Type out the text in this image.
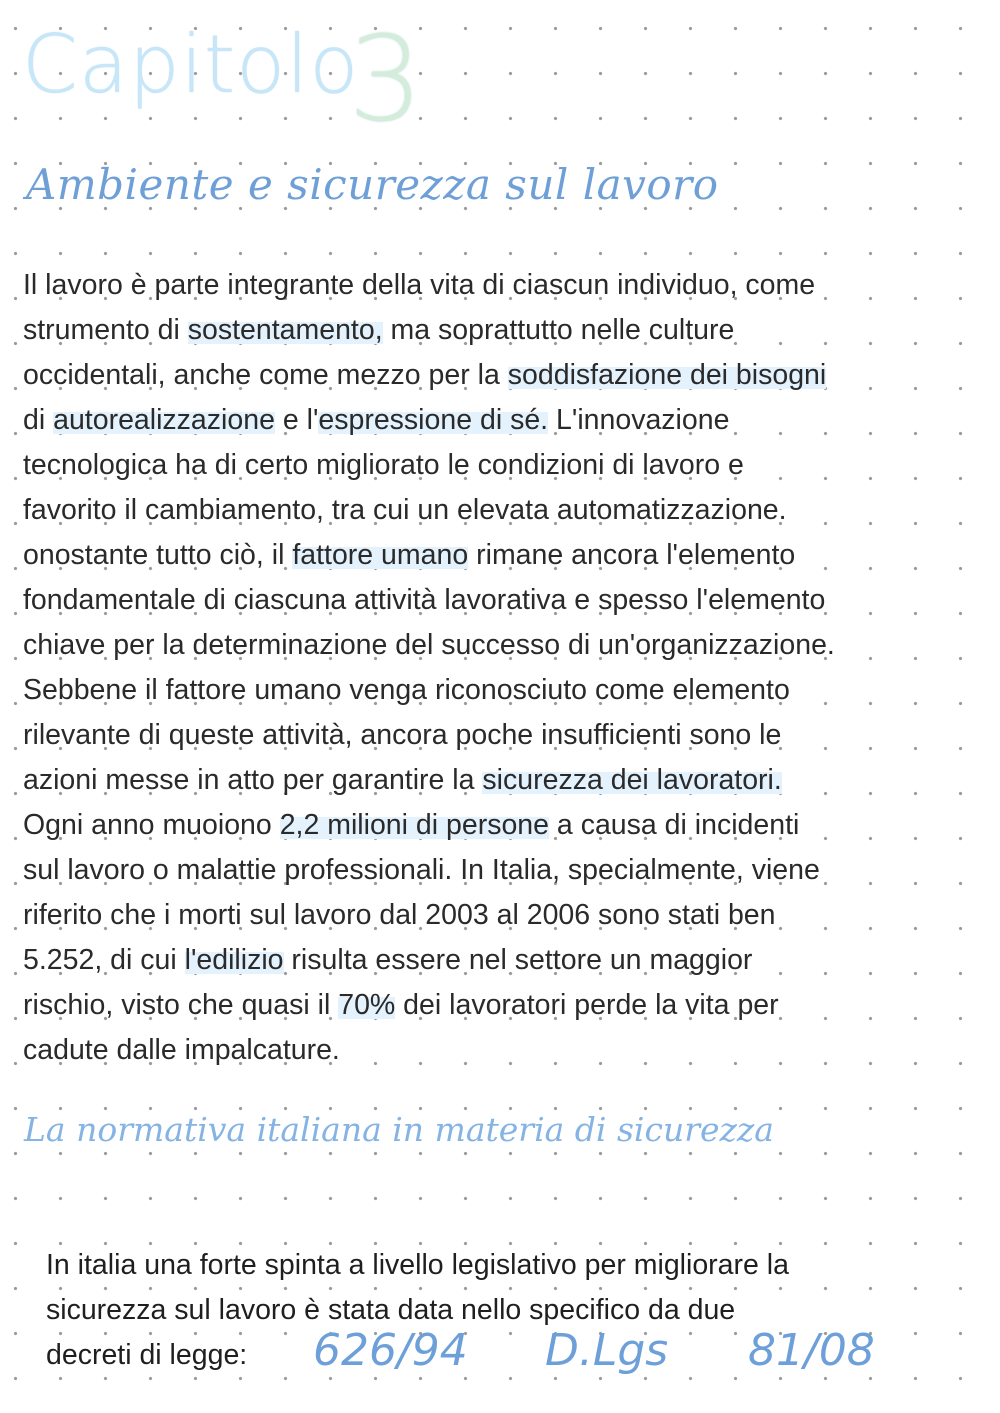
Capitolo
3
Ambiente e sicurezza sul lavoro

Il lavoro è parte integrante della vita di ciascun individuo, come

strumento di sostentamento, ma soprattutto nelle culture

occidentali, anche come mezzo per la soddisfazione dei bisogni

di autorealizzazione e l'espressione di sé. L'innovazione

tecnologica ha di certo migliorato le condizioni di lavoro e

favorito il cambiamento, tra cui un elevata automatizzazione.

onostante tutto ciò, il fattore umano rimane ancora l'elemento

fondamentale di ciascuna attività lavorativa e spesso l'elemento

chiave per la determinazione del successo di un'organizzazione.

Sebbene il fattore umano venga riconosciuto come elemento

rilevante di queste attività, ancora poche insufficienti sono le

azioni messe in atto per garantire la sicurezza dei lavoratori.

Ogni anno muoiono 2,2 milioni di persone a causa di incidenti

sul lavoro o malattie professionali. In Italia, specialmente, viene

riferito che i morti sul lavoro dal 2003 al 2006 sono stati ben

5.252, di cui l'edilizio risulta essere nel settore un maggior

rischio, visto che quasi il 70% dei lavoratori perde la vita per

cadute dalle impalcature.

La normativa italiana in materia di sicurezza

In italia una forte spinta a livello legislativo per migliorare la

sicurezza sul lavoro è stata data nello specifico da due

decreti di legge:	626/94 D.Lgs 81/08
